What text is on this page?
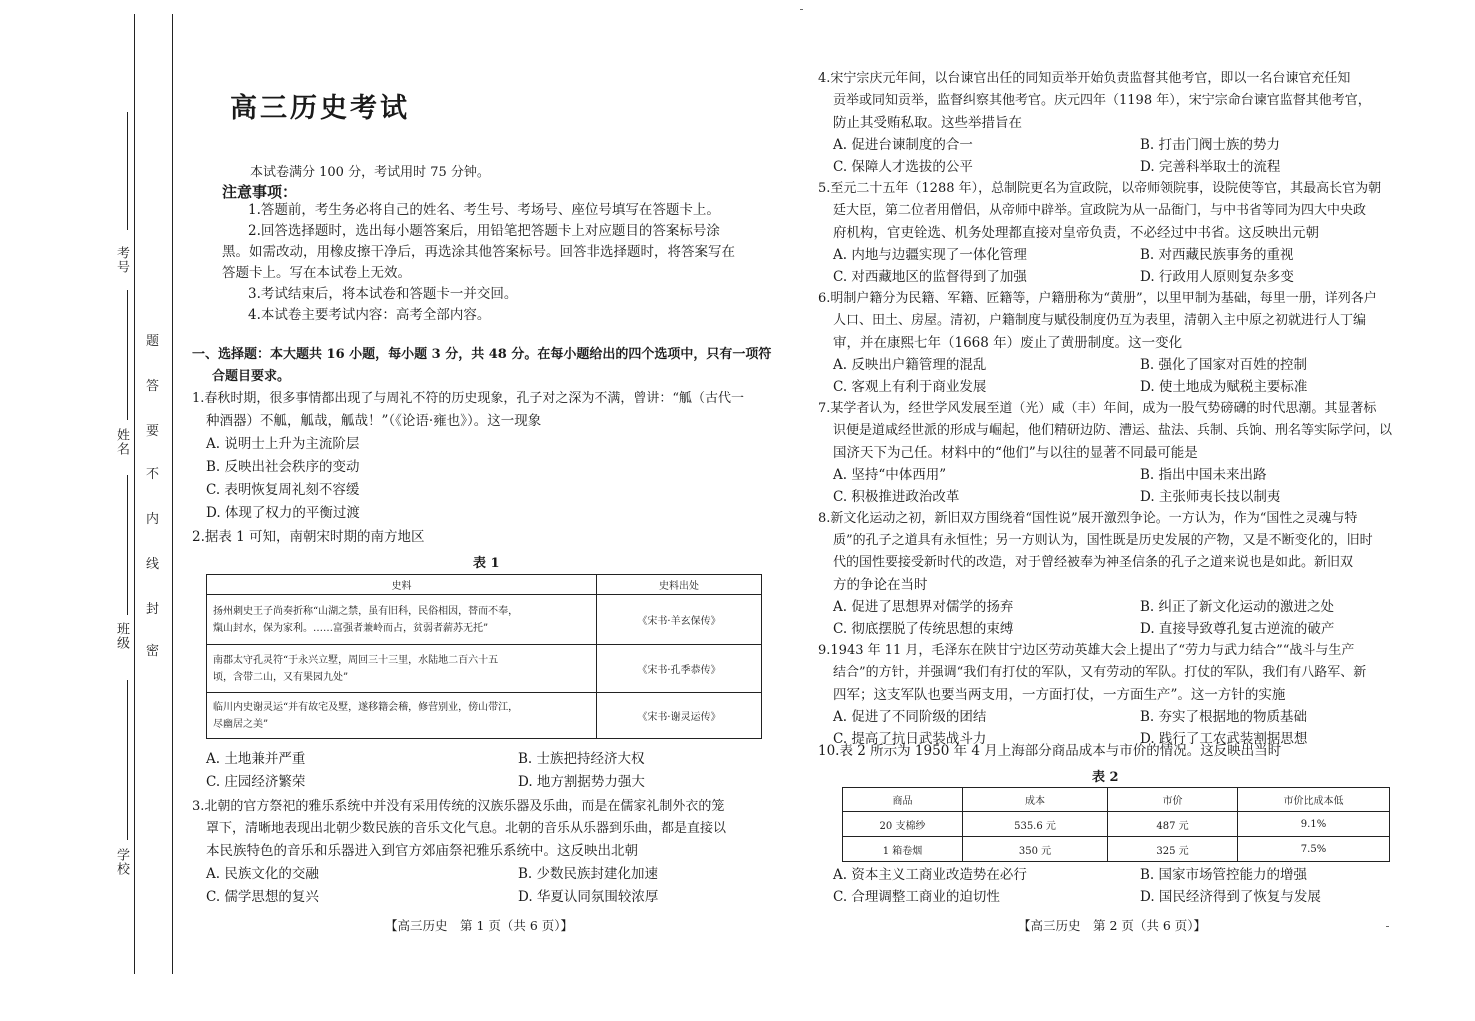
考号
姓名
班级
学校
题
答
要
不
内
线
封
密
高三历史考试
本试卷满分 100 分，考试用时 75 分钟。
注意事项：
1.答题前，考生务必将自己的姓名、考生号、考场号、座位号填写在答题卡上。
2.回答选择题时，选出每小题答案后，用铅笔把答题卡上对应题目的答案标号涂
黑。如需改动，用橡皮擦干净后，再选涂其他答案标号。回答非选择题时，将答案写在
答题卡上。写在本试卷上无效。
3.考试结束后，将本试卷和答题卡一并交回。
4.本试卷主要考试内容：高考全部内容。
一、选择题：本大题共 16 小题，每小题 3 分，共 48 分。在每小题给出的四个选项中，只有一项符
合题目要求。
1.春秋时期，很多事情都出现了与周礼不符的历史现象，孔子对之深为不满，曾讲：“觚（古代一
种酒器）不觚，觚哉，觚哉！”（《论语·雍也》）。这一现象
A. 说明士上升为主流阶层
B. 反映出社会秩序的变动
C. 表明恢复周礼刻不容缓
D. 体现了权力的平衡过渡
2.据表 1 可知，南朝宋时期的南方地区
表 1
史料	史料出处

扬州刺史王子尚奏折称“山湖之禁，虽有旧科，民俗相因，替而不奉，
熂山封水，保为家利。……富强者兼岭而占，贫弱者薪苏无托”	《宋书·羊玄保传》

南郡太守孔灵符“于永兴立墅，周回三十三里，水陆地二百六十五
顷，含带二山，又有果园九处”	《宋书·孔季恭传》

临川内史谢灵运“并有故宅及墅，遂移籍会稽，修营别业，傍山带江，
尽幽居之美”	《宋书·谢灵运传》
A. 土地兼并严重	B. 士族把持经济大权
C. 庄园经济繁荣	D. 地方割据势力强大
3.北朝的官方祭祀的雅乐系统中并没有采用传统的汉族乐器及乐曲，而是在儒家礼制外衣的笼
罩下，清晰地表现出北朝少数民族的音乐文化气息。北朝的音乐从乐器到乐曲，都是直接以
本民族特色的音乐和乐器进入到官方郊庙祭祀雅乐系统中。这反映出北朝
A. 民族文化的交融	B. 少数民族封建化加速
C. 儒学思想的复兴	D. 华夏认同氛围较浓厚
【高三历史　第 1 页（共 6 页）】
4.宋宁宗庆元年间，以台谏官出任的同知贡举开始负责监督其他考官，即以一名台谏官充任知
贡举或同知贡举，监督纠察其他考官。庆元四年（1198 年），宋宁宗命台谏官监督其他考官，
防止其受贿私取。这些举措旨在
A. 促进台谏制度的合一	B. 打击门阀士族的势力
C. 保障人才选拔的公平	D. 完善科举取士的流程
5.至元二十五年（1288 年），总制院更名为宣政院，以帝师领院事，设院使等官，其最高长官为朝
廷大臣，第二位者用僧侣，从帝师中辟举。宣政院为从一品衙门，与中书省等同为四大中央政
府机构，官吏铨选、机务处理都直接对皇帝负责，不必经过中书省。这反映出元朝
A. 内地与边疆实现了一体化管理	B. 对西藏民族事务的重视
C. 对西藏地区的监督得到了加强	D. 行政用人原则复杂多变
6.明制户籍分为民籍、军籍、匠籍等，户籍册称为“黄册”，以里甲制为基础，每里一册，详列各户
人口、田土、房屋。清初，户籍制度与赋役制度仍互为表里，清朝入主中原之初就进行人丁编
审，并在康熙七年（1668 年）废止了黄册制度。这一变化
A. 反映出户籍管理的混乱	B. 强化了国家对百姓的控制
C. 客观上有利于商业发展	D. 使土地成为赋税主要标准
7.某学者认为，经世学风发展至道（光）咸（丰）年间，成为一股气势磅礴的时代思潮。其显著标
识便是道咸经世派的形成与崛起，他们精研边防、漕运、盐法、兵制、兵饷、刑名等实际学问，以
国济天下为己任。材料中的“他们”与以往的显著不同最可能是
A. 坚持“中体西用”	B. 指出中国未来出路
C. 积极推进政治改革	D. 主张师夷长技以制夷
8.新文化运动之初，新旧双方围绕着“国性说”展开激烈争论。一方认为，作为“国性之灵魂与特
质”的孔子之道具有永恒性；另一方则认为，国性既是历史发展的产物，又是不断变化的，旧时
代的国性要接受新时代的改造，对于曾经被奉为神圣信条的孔子之道来说也是如此。新旧双
方的争论在当时
A. 促进了思想界对儒学的扬弃	B. 纠正了新文化运动的激进之处
C. 彻底摆脱了传统思想的束缚	D. 直接导致尊孔复古逆流的破产
9.1943 年 11 月，毛泽东在陕甘宁边区劳动英雄大会上提出了“劳力与武力结合”“战斗与生产
结合”的方针，并强调“我们有打仗的军队，又有劳动的军队。打仗的军队，我们有八路军、新
四军；这支军队也要当两支用，一方面打仗，一方面生产”。这一方针的实施
A. 促进了不同阶级的团结	B. 夯实了根据地的物质基础
C. 提高了抗日武装战斗力	D. 践行了工农武装割据思想
10.表 2 所示为 1950 年 4 月上海部分商品成本与市价的情况。这反映出当时
表 2
商品	成本	市价	市价比成本低
20 支棉纱	535.6 元	487 元	9.1%
1 箱卷烟	350 元	325 元	7.5%
A. 资本主义工商业改造势在必行	B. 国家市场管控能力的增强
C. 合理调整工商业的迫切性	D. 国民经济得到了恢复与发展
【高三历史　第 2 页（共 6 页）】
